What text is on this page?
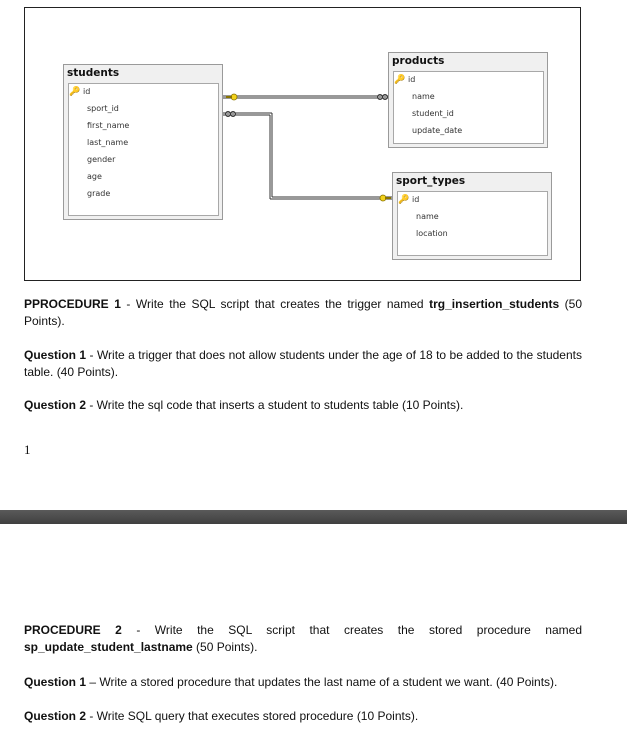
students
🔑 id
sport_id
first_name
last_name
gender
age
grade
products
🔑 id
name
student_id
update_date
sport_types
🔑 id
name
location
PPROCEDURE 1 - Write the SQL script that creates the trigger named trg_insertion_students (50 Points).
Question 1 - Write a trigger that does not allow students under the age of 18 to be added to the students table. (40 Points).
Question 2 - Write the sql code that inserts a student to students table (10 Points).
1
PROCEDURE 2 - Write the SQL script that creates the stored procedure named sp_update_student_lastname (50 Points).
Question 1 – Write a stored procedure that updates the last name of a student we want. (40 Points).
Question 2 - Write SQL query that executes stored procedure (10 Points).
